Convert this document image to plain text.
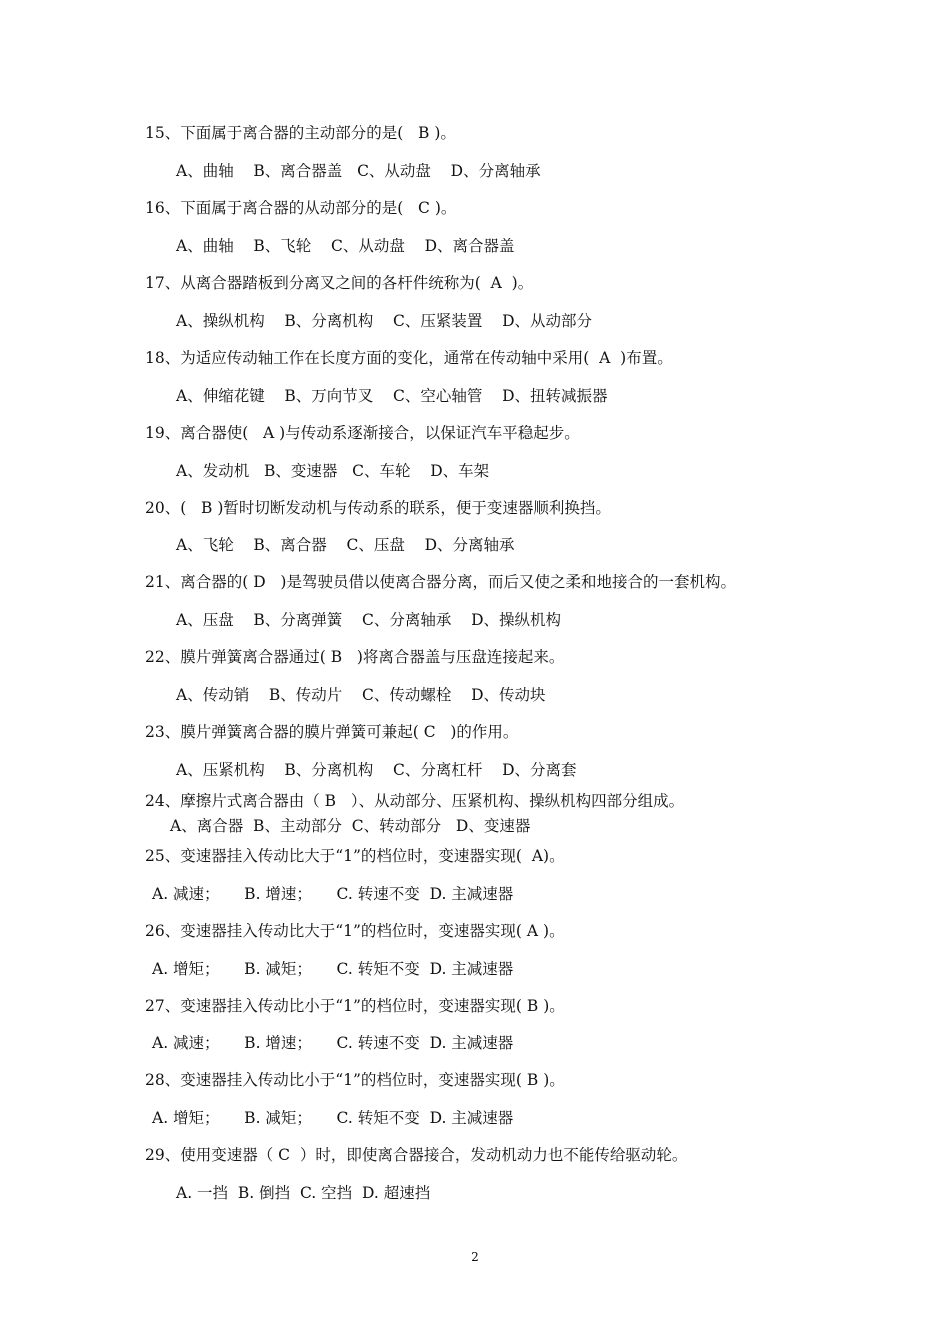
15、下面属于离合器的主动部分的是(   B )。
A、曲轴    B、离合器盖   C、从动盘    D、分离轴承
16、下面属于离合器的从动部分的是(   C )。
A、曲轴    B、飞轮    C、从动盘    D、离合器盖
17、从离合器踏板到分离叉之间的各杆件统称为(  A  )。
A、操纵机构    B、分离机构    C、压紧装置    D、从动部分
18、为适应传动轴工作在长度方面的变化，通常在传动轴中采用(  A  )布置。
A、伸缩花键    B、万向节叉    C、空心轴管    D、扭转减振器
19、离合器使(   A )与传动系逐渐接合，以保证汽车平稳起步。
A、发动机   B、变速器   C、车轮    D、车架
20、(   B )暂时切断发动机与传动系的联系，便于变速器顺利换挡。
A、飞轮    B、离合器    C、压盘    D、分离轴承
21、离合器的( D   )是驾驶员借以使离合器分离，而后又使之柔和地接合的一套机构。
A、压盘    B、分离弹簧    C、分离轴承    D、操纵机构
22、膜片弹簧离合器通过( B   )将离合器盖与压盘连接起来。
A、传动销    B、传动片    C、传动螺栓    D、传动块
23、膜片弹簧离合器的膜片弹簧可兼起( C   )的作用。
A、压紧机构    B、分离机构    C、分离杠杆    D、分离套
24、摩擦片式离合器由（ B   ）、从动部分、压紧机构、操纵机构四部分组成。
A、离合器  B、主动部分  C、转动部分   D、变速器
25、变速器挂入传动比大于“1”的档位时，变速器实现(  A)。
A. 减速；     B. 增速；     C. 转速不变  D. 主减速器
26、变速器挂入传动比大于“1”的档位时，变速器实现( A )。
A. 增矩；     B. 减矩；     C. 转矩不变  D. 主减速器
27、变速器挂入传动比小于“1”的档位时，变速器实现( B )。
A. 减速；     B. 增速；     C. 转速不变  D. 主减速器
28、变速器挂入传动比小于“1”的档位时，变速器实现( B )。
A. 增矩；     B. 减矩；     C. 转矩不变  D. 主减速器
29、使用变速器（ C  ）时，即使离合器接合，发动机动力也不能传给驱动轮。
A. 一挡  B. 倒挡  C. 空挡  D. 超速挡
2
